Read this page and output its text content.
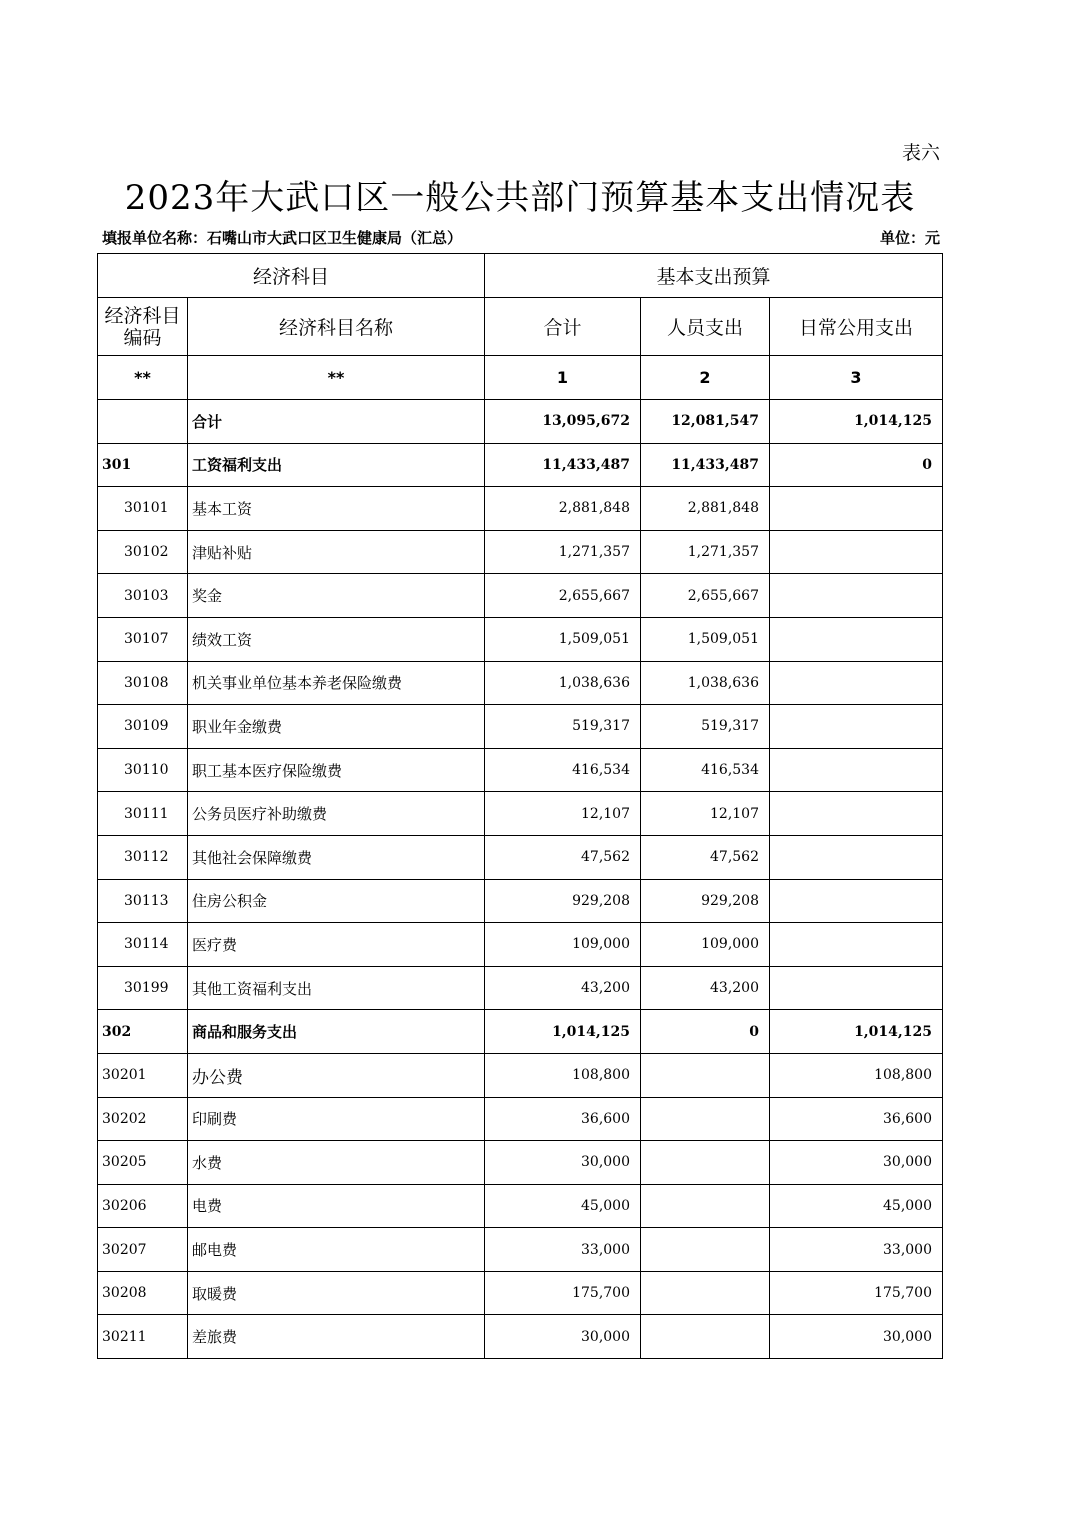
表六
2023年大武口区一般公共部门预算基本支出情况表
填报单位名称：石嘴山市大武口区卫生健康局（汇总）	单位：元
经济科目		基本支出预算		
经济科目编码	经济科目名称	合计	人员支出	日常公用支出
**	**	1	2	3
	合计	13,095,672	12,081,547	1,014,125
301	工资福利支出	11,433,487	11,433,487	0
30101	基本工资	2,881,848	2,881,848	
30102	津贴补贴	1,271,357	1,271,357	
30103	奖金	2,655,667	2,655,667	
30107	绩效工资	1,509,051	1,509,051	
30108	机关事业单位基本养老保险缴费	1,038,636	1,038,636	
30109	职业年金缴费	519,317	519,317	
30110	职工基本医疗保险缴费	416,534	416,534	
30111	公务员医疗补助缴费	12,107	12,107	
30112	其他社会保障缴费	47,562	47,562	
30113	住房公积金	929,208	929,208	
30114	医疗费	109,000	109,000	
30199	其他工资福利支出	43,200	43,200	
302	商品和服务支出	1,014,125	0	1,014,125
30201	办公费	108,800		108,800
30202	印刷费	36,600		36,600
30205	水费	30,000		30,000
30206	电费	45,000		45,000
30207	邮电费	33,000		33,000
30208	取暖费	175,700		175,700
30211	差旅费	30,000		30,000
